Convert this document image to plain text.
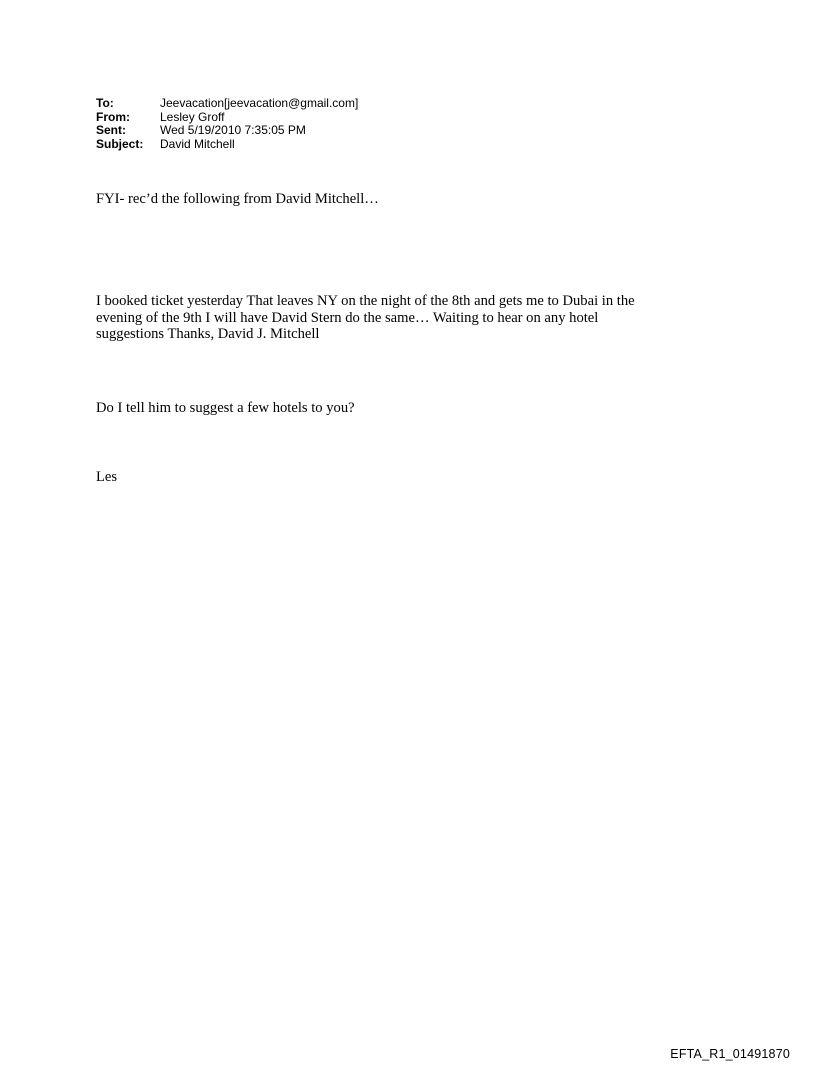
To:	Jeevacation[jeevacation@gmail.com]
From:	Lesley Groff
Sent:	Wed 5/19/2010 7:35:05 PM
Subject:	David Mitchell

FYI- rec’d the following from David Mitchell…

I booked ticket yesterday That leaves NY on the night of the 8th and gets me to Dubai in the
evening of the 9th I will have David Stern do the same… Waiting to hear on any hotel
suggestions Thanks, David J. Mitchell

Do I tell him to suggest a few hotels to you?

Les

EFTA_R1_01491870
